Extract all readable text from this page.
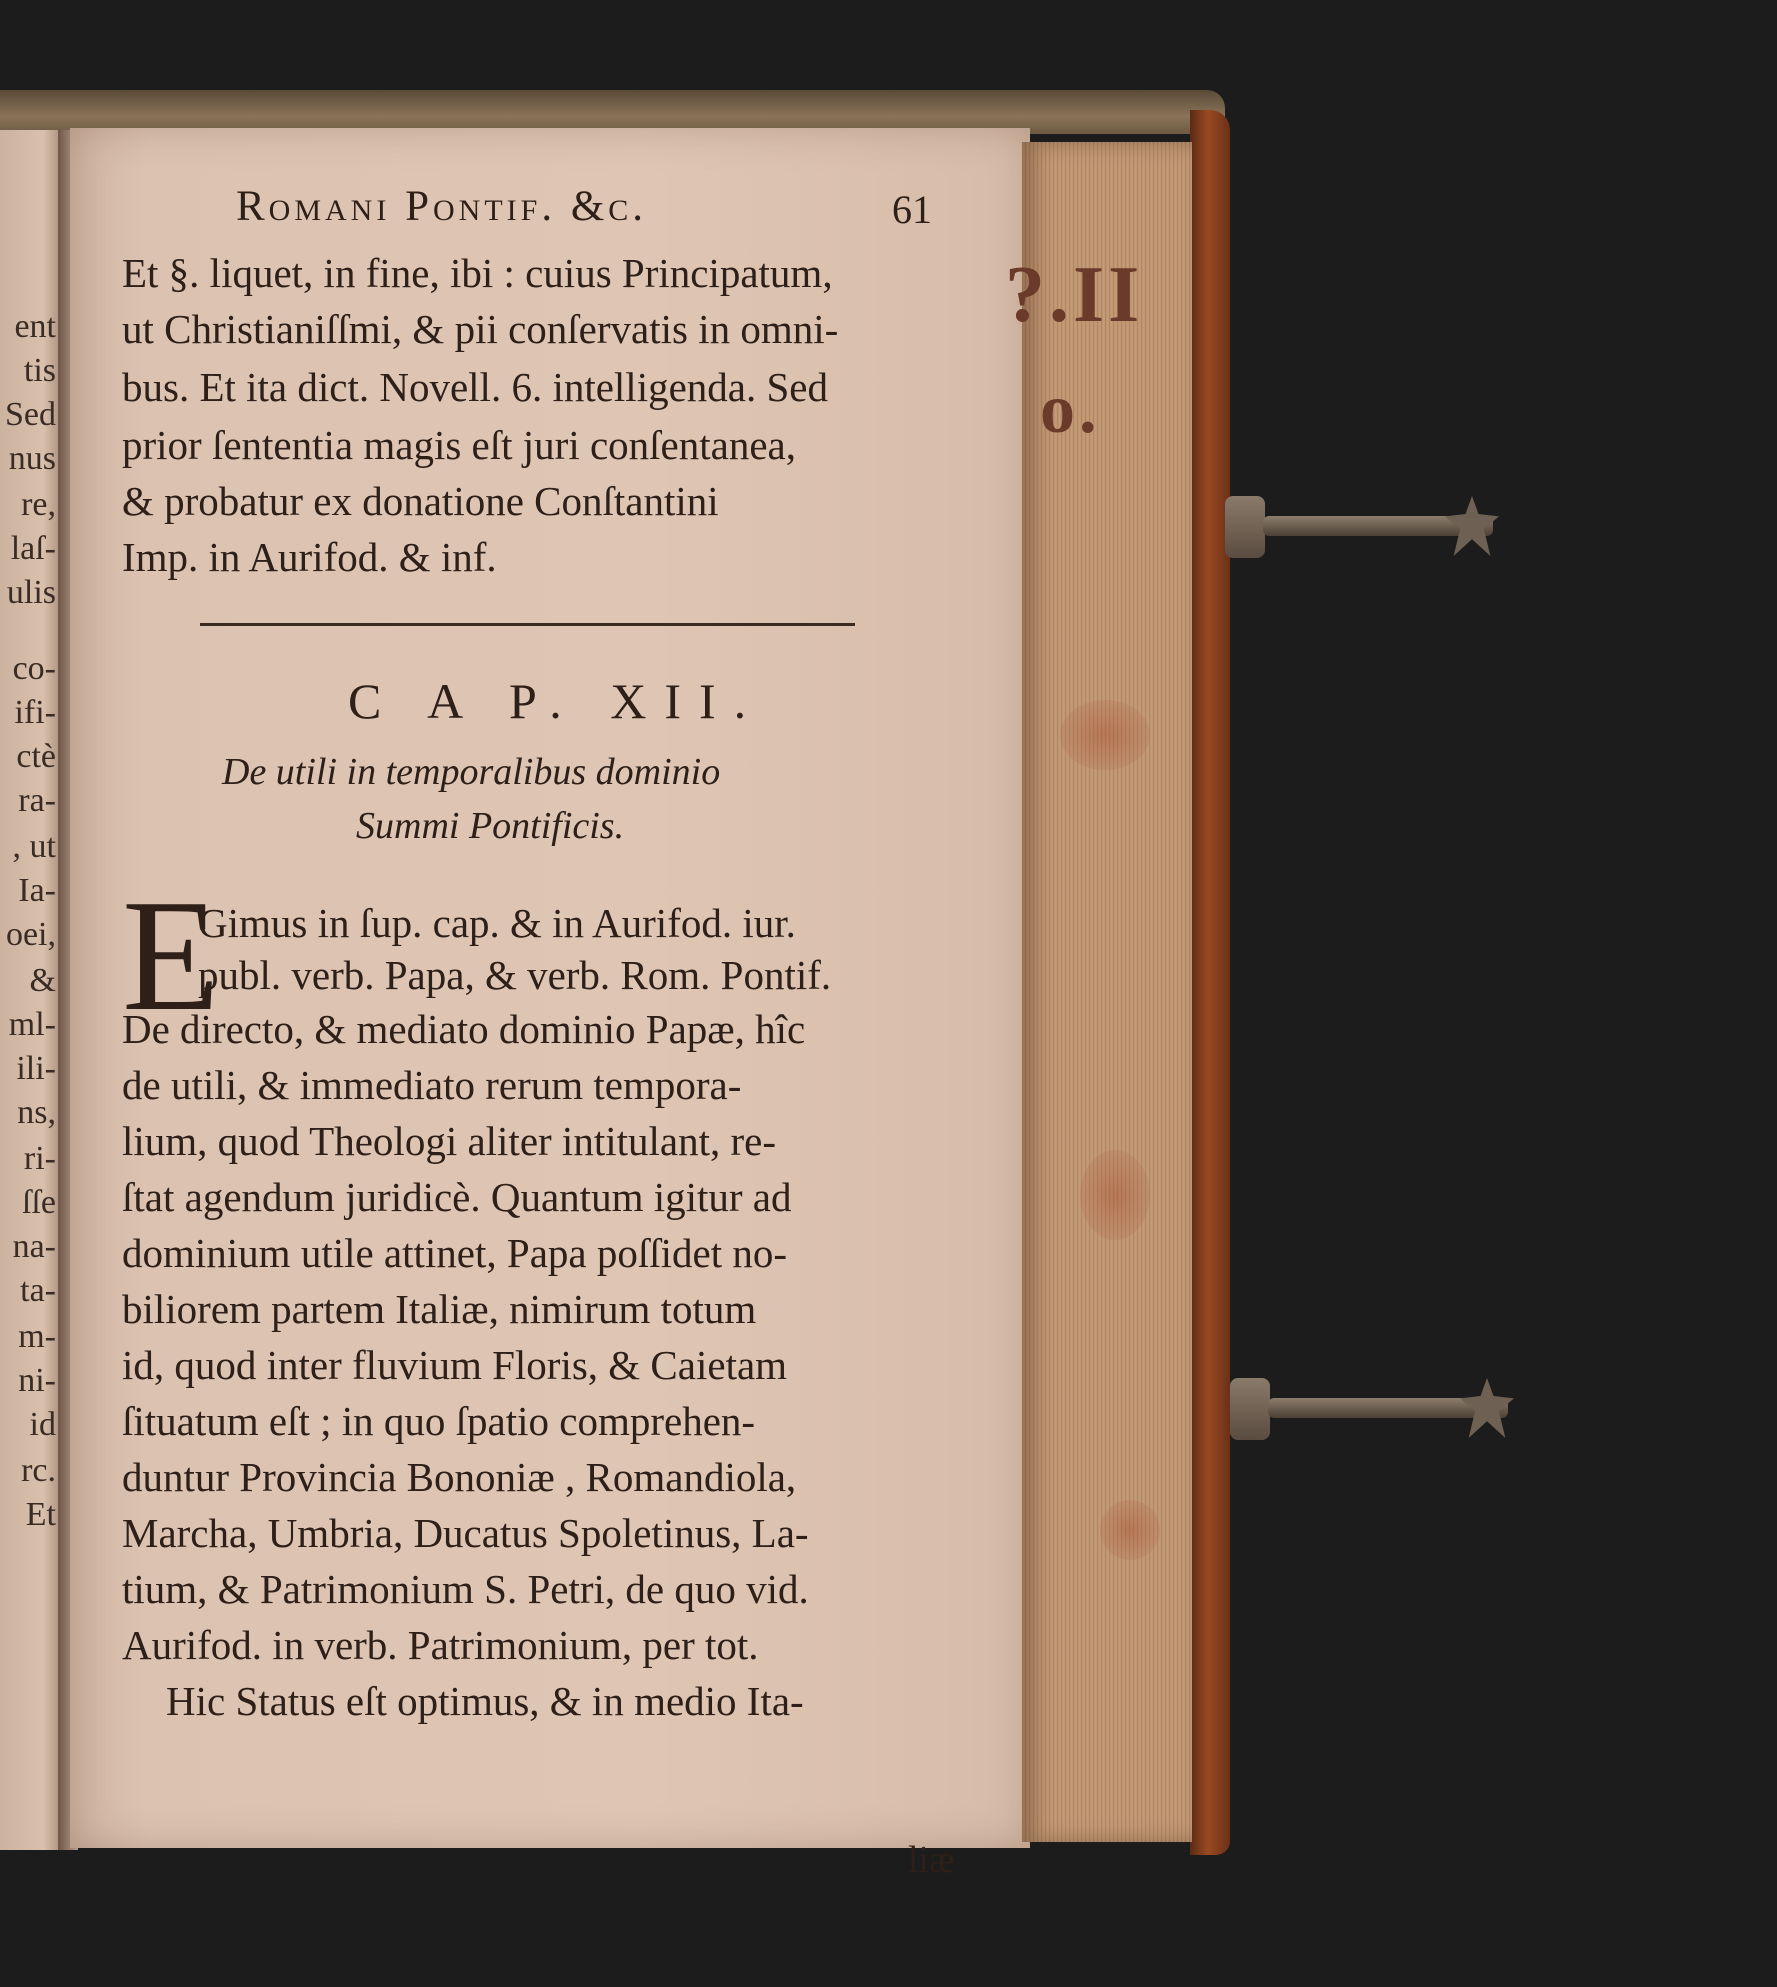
ent
tis
Sed
nus
re,
laſ-
ulis
co-
ifi-
ctè
ra-
, ut
Ia-
oei,
&
ml-
ili-
ns,
ri-
ſſe
na-
ta-
m-
ni-
id
rc.
Et
?.II
o.
Romani Pontif. &c.	61
Et §. liquet, in fine, ibi : cuius Principatum,
ut Christianiſſmi, & pii conſervatis in omni-
bus. Et ita dict. Novell. 6. intelligenda. Sed
prior ſententia magis eſt juri conſentanea,
& probatur ex donatione Conſtantini
Imp. in Aurifod. & inf.
C A P. XII.
De utili in temporalibus dominio
Summi Pontificis.
E
Gimus in ſup. cap. & in Aurifod. iur.
publ. verb. Papa, & verb. Rom. Pontif.
De directo, & mediato dominio Papæ, hîc
de utili, & immediato rerum tempora-
lium, quod Theologi aliter intitulant, re-
ſtat agendum juridicè. Quantum igitur ad
dominium utile attinet, Papa poſſidet no-
biliorem partem Italiæ, nimirum totum
id, quod inter fluvium Floris, & Caietam
ſituatum eſt ; in quo ſpatio comprehen-
duntur Provincia Bononiæ , Romandiola,
Marcha, Umbria, Ducatus Spoletinus, La-
tium, & Patrimonium S. Petri, de quo vid.
Aurifod. in verb. Patrimonium, per tot.
Hic Status eſt optimus, & in medio Ita-
liæ
